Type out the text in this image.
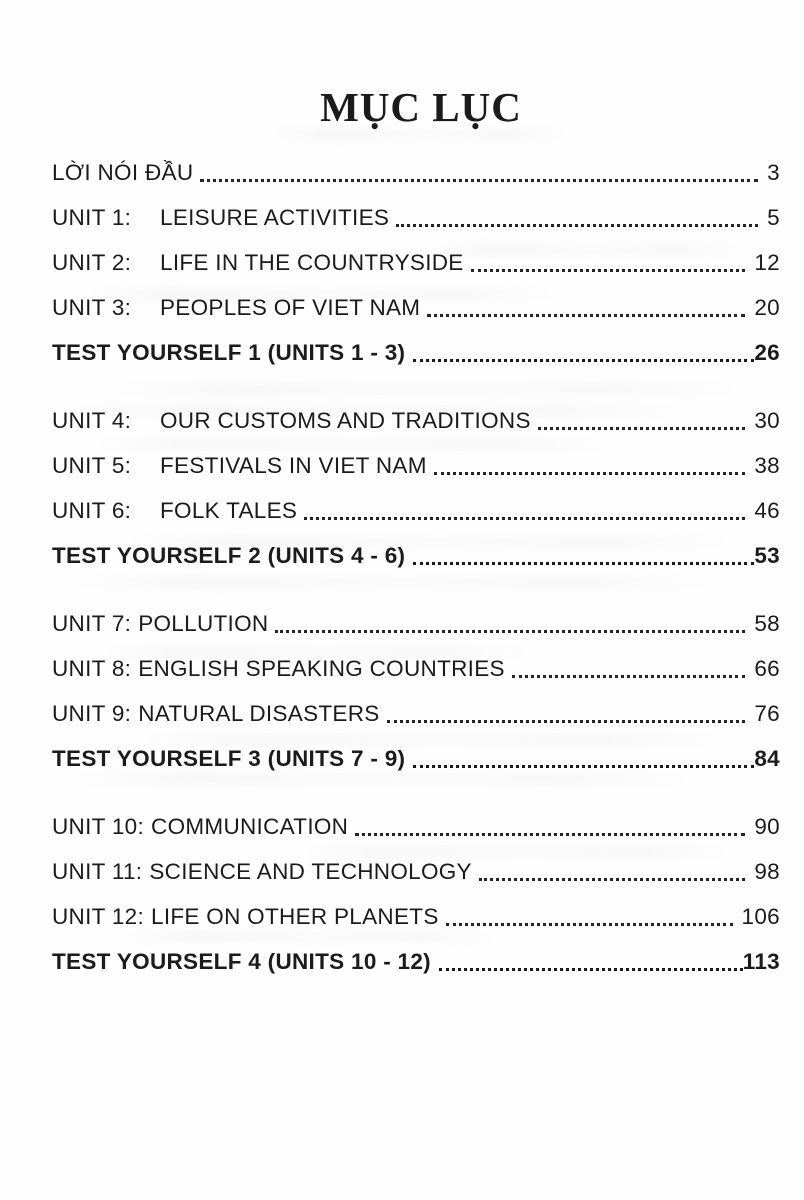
MỤC LỤC
LỜI NÓI ĐẦU	3
UNIT 1:	LEISURE ACTIVITIES	5
UNIT 2:	LIFE IN THE COUNTRYSIDE	12
UNIT 3:	PEOPLES OF VIET NAM	20
TEST YOURSELF 1 (UNITS 1 - 3)	26
UNIT 4:	OUR CUSTOMS AND TRADITIONS	30
UNIT 5:	FESTIVALS IN VIET NAM	38
UNIT 6:	FOLK TALES	46
TEST YOURSELF 2 (UNITS 4 - 6)	53
UNIT 7: POLLUTION	58
UNIT 8: ENGLISH SPEAKING COUNTRIES	66
UNIT 9: NATURAL DISASTERS	76
TEST YOURSELF 3 (UNITS 7 - 9)	84
UNIT 10: COMMUNICATION	90
UNIT 11: SCIENCE AND TECHNOLOGY	98
UNIT 12: LIFE ON OTHER PLANETS	106
TEST YOURSELF 4 (UNITS 10 - 12)	113
